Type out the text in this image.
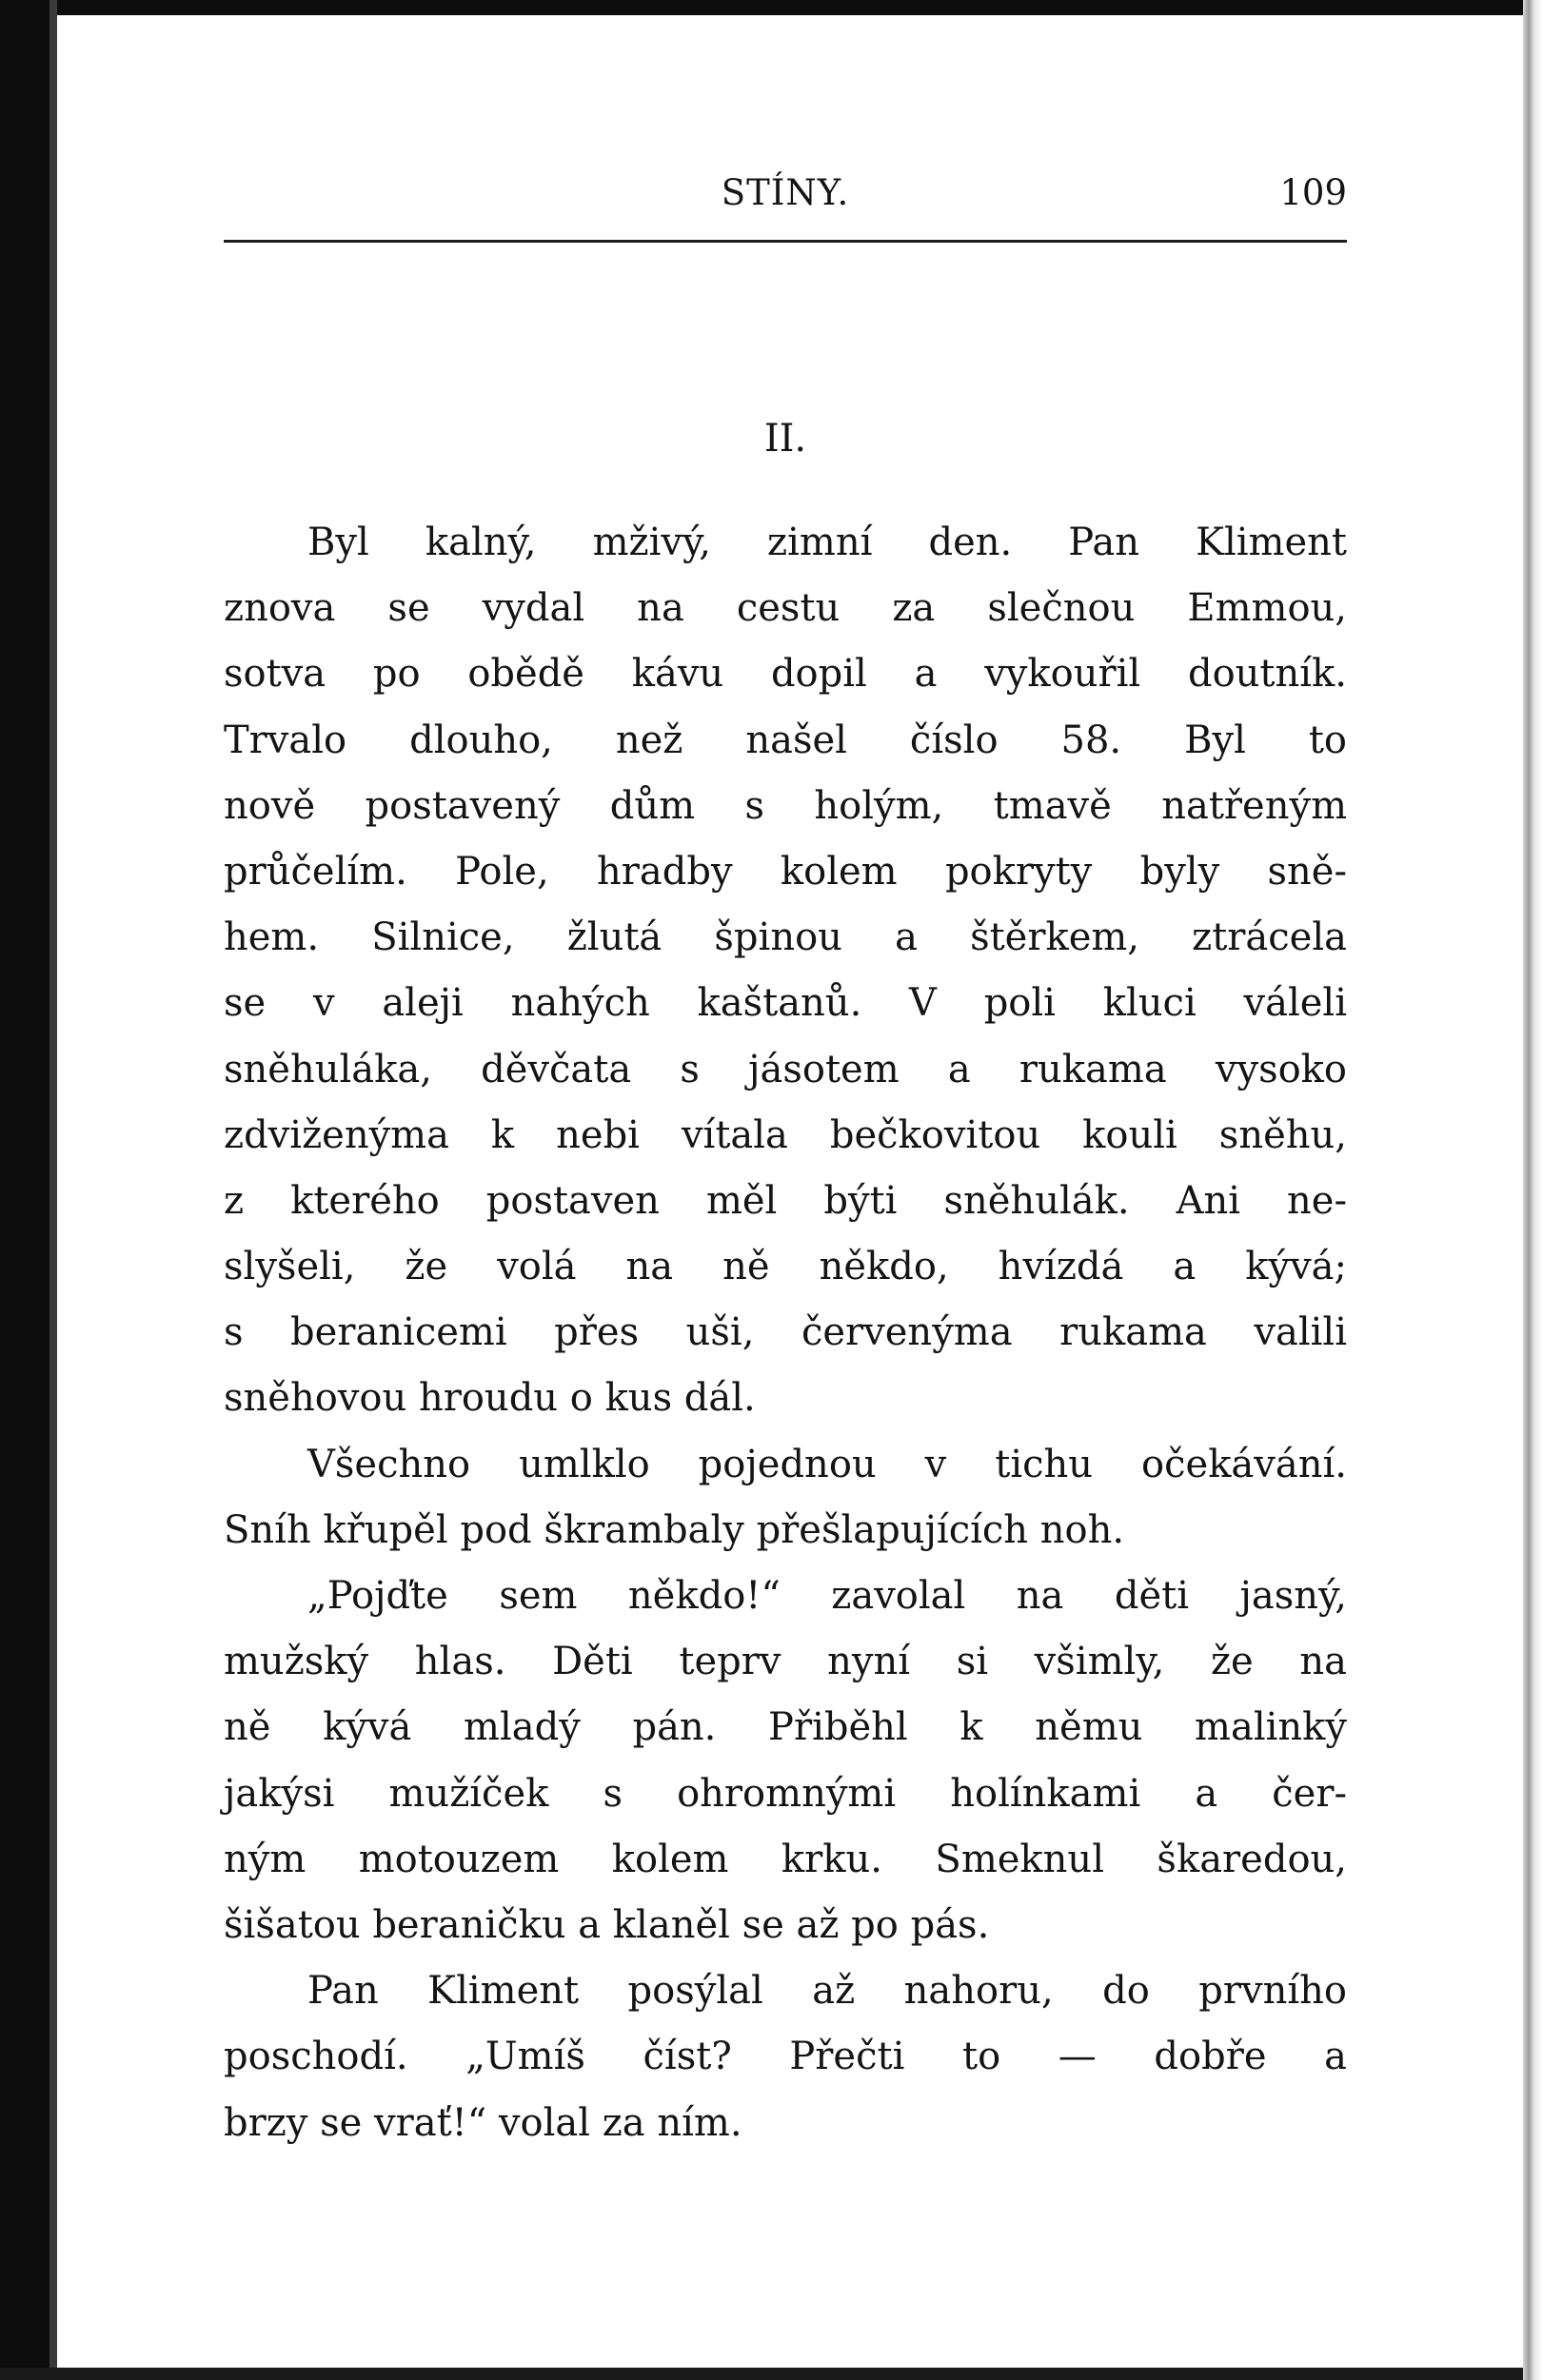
STÍNY.	109
II.
Byl kalný, mživý, zimní den. Pan Kliment
znova se vydal na cestu za slečnou Emmou,
sotva po obědě kávu dopil a vykouřil doutník.
Trvalo dlouho, než našel číslo 58. Byl to
nově postavený dům s holým, tmavě natřeným
průčelím. Pole, hradby kolem pokryty byly sně-
hem. Silnice, žlutá špinou a štěrkem, ztrácela
se v aleji nahých kaštanů. V poli kluci váleli
sněhuláka, děvčata s jásotem a rukama vysoko
zdviženýma k nebi vítala bečkovitou kouli sněhu,
z kterého postaven měl býti sněhulák. Ani ne-
slyšeli, že volá na ně někdo, hvízdá a kývá;
s beranicemi přes uši, červenýma rukama valili
sněhovou hroudu o kus dál.
Všechno umlklo pojednou v tichu očekávání.
Sníh křupěl pod škrambaly přešlapujících noh.
„Pojďte sem někdo!“ zavolal na děti jasný,
mužský hlas. Děti teprv nyní si všimly, že na
ně kývá mladý pán. Přiběhl k němu malinký
jakýsi mužíček s ohromnými holínkami a čer-
ným motouzem kolem krku. Smeknul škaredou,
šišatou beraničku a klaněl se až po pás.
Pan Kliment posýlal až nahoru, do prvního
poschodí. „Umíš číst? Přečti to — dobře a
brzy se vrať!“ volal za ním.
